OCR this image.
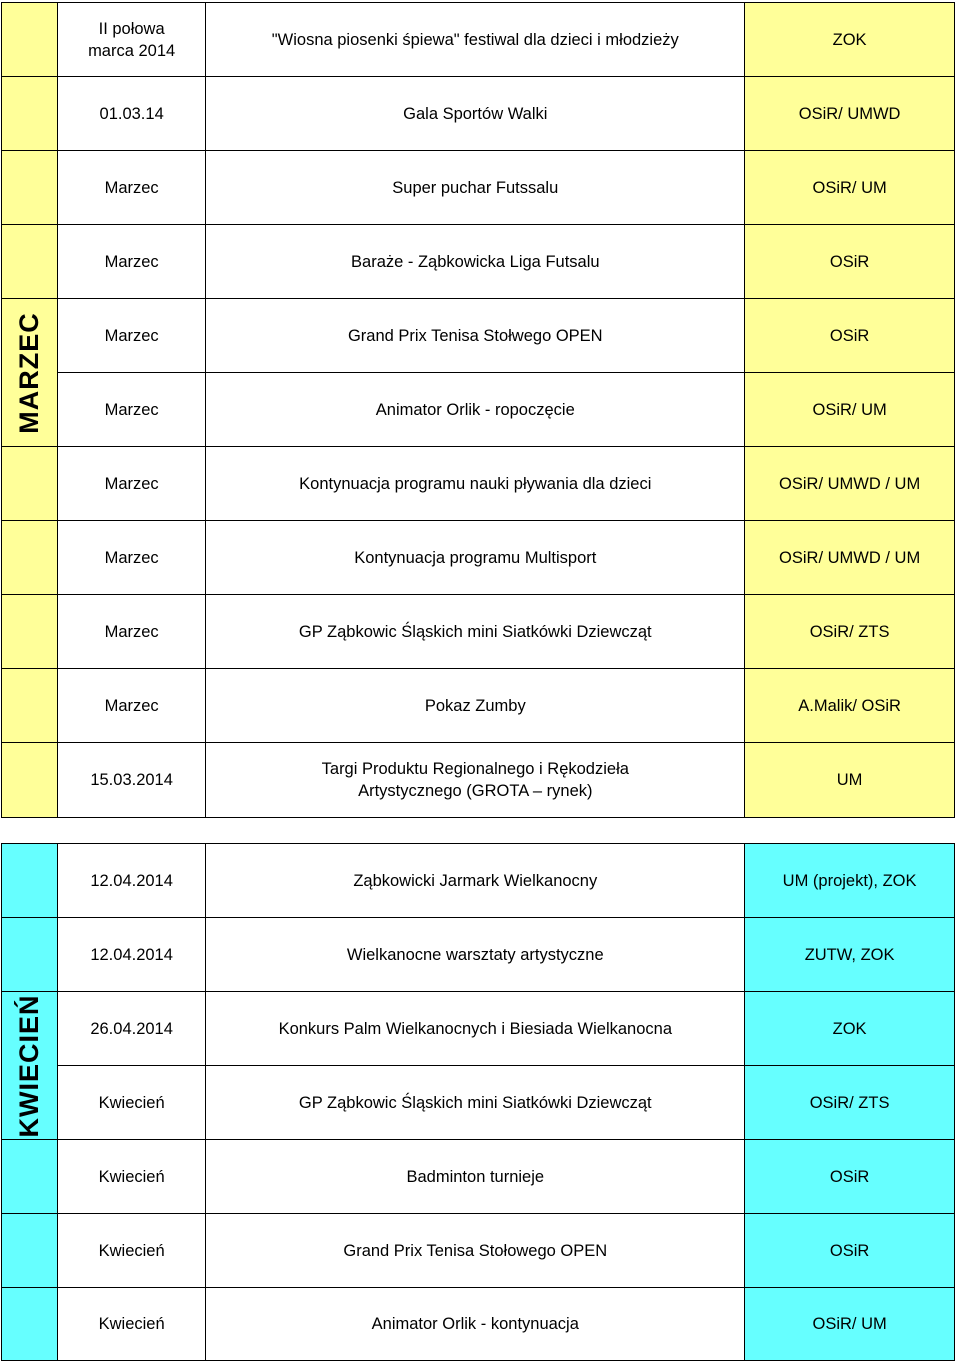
	II połowa marca 2014	"Wiosna piosenki śpiewa" festiwal dla dzieci i młodzieży	ZOK
	01.03.14	Gala Sportów Walki	OSiR/ UMWD
	Marzec	Super puchar Futssalu	OSiR/ UM
	Marzec	Baraże - Ząbkowicka Liga Futsalu	OSiR

MARZEC	Marzec	Grand Prix Tenisa Stołwego OPEN	OSiR
	Marzec	Animator Orlik - ropoczęcie	OSiR/ UM
	Marzec	Kontynuacja programu nauki pływania dla dzieci	OSiR/ UMWD / UM
	Marzec	Kontynuacja programu Multisport	OSiR/ UMWD / UM
	Marzec	GP Ząbkowic Śląskich mini Siatkówki Dziewcząt	OSiR/ ZTS
	Marzec	Pokaz Zumby	A.Malik/ OSiR
	15.03.2014	Targi Produktu Regionalnego i Rękodzieła Artystycznego (GROTA – rynek)	UM
	12.04.2014	Ząbkowicki Jarmark Wielkanocny	UM (projekt), ZOK
	12.04.2014	Wielkanocne warsztaty artystyczne	ZUTW, ZOK

KWIECIEŃ	26.04.2014	Konkurs Palm Wielkanocnych i Biesiada Wielkanocna	ZOK
	Kwiecień	GP Ząbkowic Śląskich mini Siatkówki Dziewcząt	OSiR/ ZTS
	Kwiecień	Badminton turnieje	OSiR
	Kwiecień	Grand Prix Tenisa Stołowego OPEN	OSiR
	Kwiecień	Animator Orlik - kontynuacja	OSiR/ UM
